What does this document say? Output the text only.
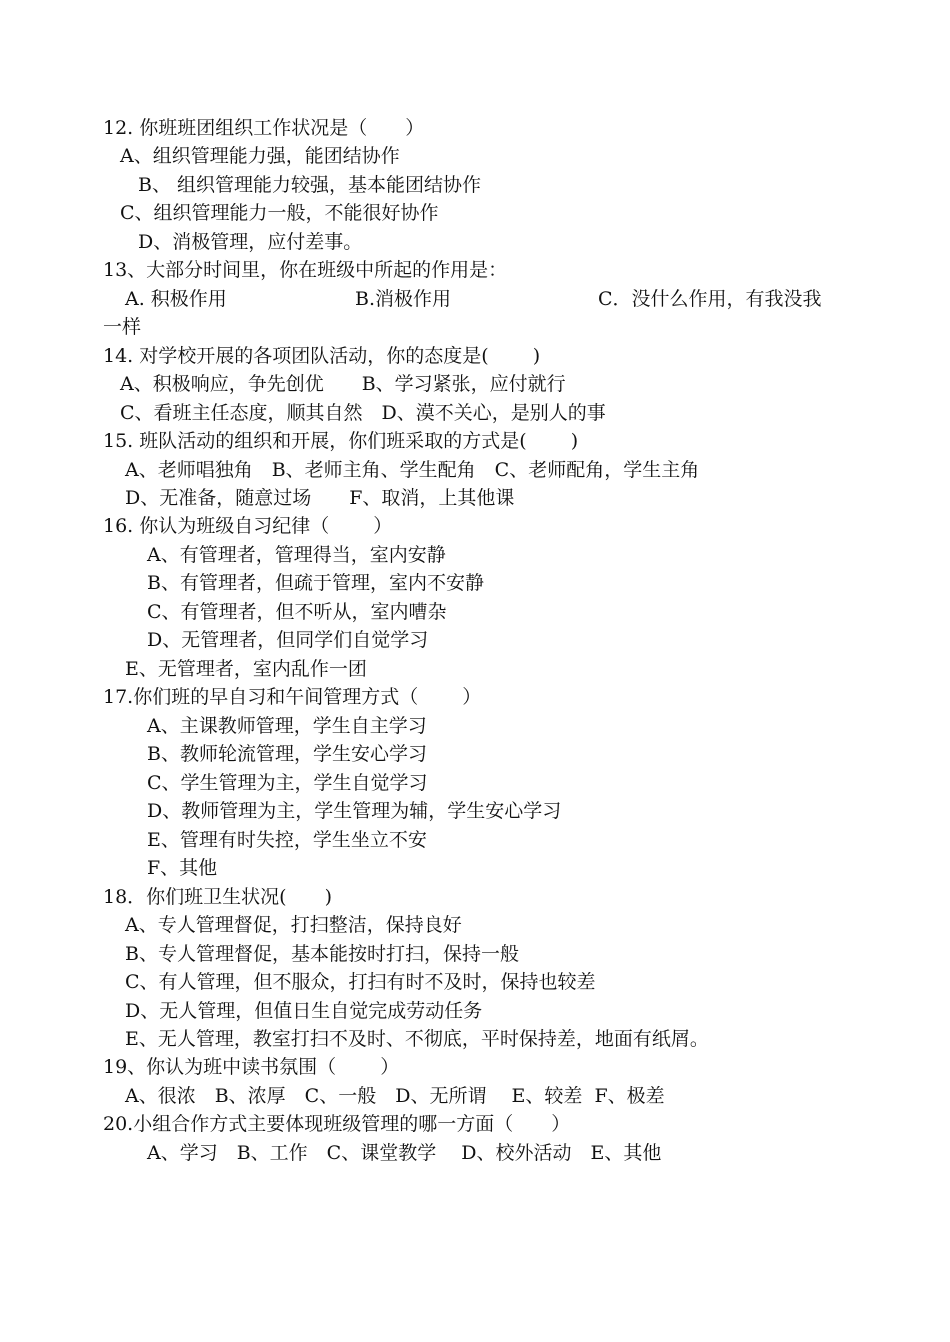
12. 你班班团组织工作状况是（　　）
A、组织管理能力强，能团结协作
B、 组织管理能力较强，基本能团结协作
C、组织管理能力一般，不能很好协作
D、消极管理，应付差事。
13、大部分时间里，你在班级中所起的作用是：
A. 积极作用	B.消极作用	C．没什么作用，有我没我
一样
14. 对学校开展的各项团队活动，你的态度是(　　 )
A、积极响应，争先创优　　B、学习紧张，应付就行
C、看班主任态度，顺其自然　D、漠不关心，是别人的事
15. 班队活动的组织和开展，你们班采取的方式是(　　 )
A、老师唱独角　B、老师主角、学生配角　C、老师配角，学生主角
D、无准备，随意过场　　F、取消，上其他课
16. 你认为班级自习纪律（　　 ）
A、有管理者，管理得当，室内安静
B、有管理者，但疏于管理，室内不安静
C、有管理者，但不听从，室内嘈杂
D、无管理者，但同学们自觉学习
E、无管理者，室内乱作一团
17.你们班的早自习和午间管理方式（　　 ）
A、主课教师管理，学生自主学习
B、教师轮流管理，学生安心学习
C、学生管理为主，学生自觉学习
D、教师管理为主，学生管理为辅，学生安心学习
E、管理有时失控，学生坐立不安
F、其他
18．你们班卫生状况(　　)
A、专人管理督促，打扫整洁，保持良好
B、专人管理督促，基本能按时打扫，保持一般
C、有人管理，但不服众，打扫有时不及时，保持也较差
D、无人管理，但值日生自觉完成劳动任务
E、无人管理，教室打扫不及时、不彻底，平时保持差，地面有纸屑。
19、你认为班中读书氛围（　　 ）
A、很浓　B、浓厚　C、一般　D、无所谓　 E、较差  F、极差
20.小组合作方式主要体现班级管理的哪一方面（　　）
A、学习　B、工作　C、课堂教学　 D、校外活动　E、其他
